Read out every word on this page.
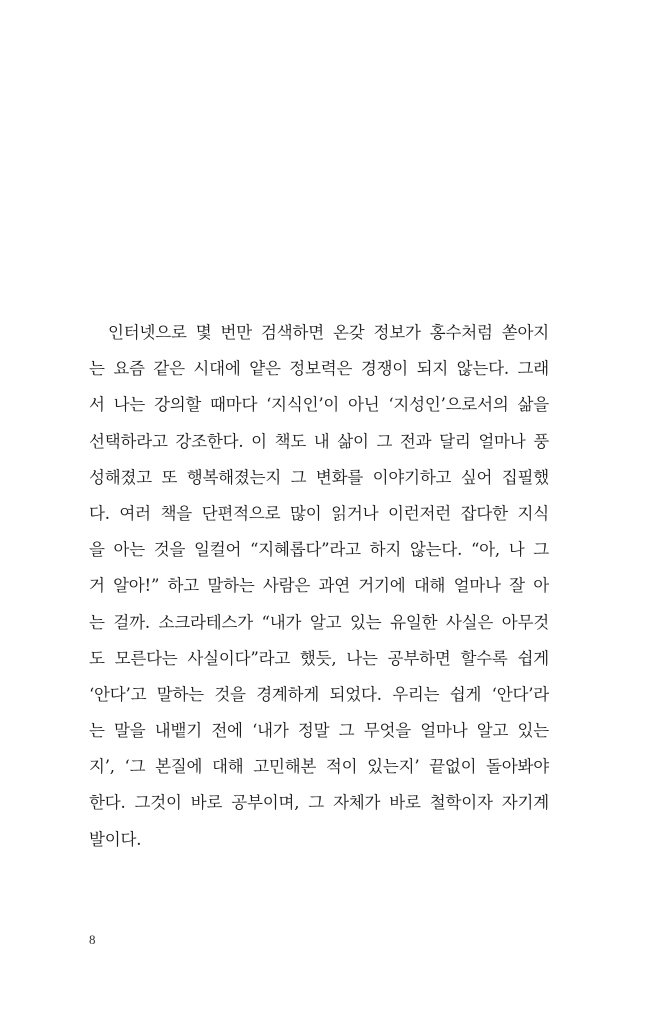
인터넷으로 몇 번만 검색하면 온갖 정보가 홍수처럼 쏟아지
는 요즘 같은 시대에 얕은 정보력은 경쟁이 되지 않는다. 그래
서 나는 강의할 때마다 ‘지식인’이 아닌 ‘지성인’으로서의 삶을
선택하라고 강조한다. 이 책도 내 삶이 그 전과 달리 얼마나 풍
성해졌고 또 행복해졌는지 그 변화를 이야기하고 싶어 집필했
다. 여러 책을 단편적으로 많이 읽거나 이런저런 잡다한 지식
을 아는 것을 일컬어 “지혜롭다”라고 하지 않는다. “아, 나 그
거 알아!” 하고 말하는 사람은 과연 거기에 대해 얼마나 잘 아
는 걸까. 소크라테스가 “내가 알고 있는 유일한 사실은 아무것
도 모른다는 사실이다”라고 했듯, 나는 공부하면 할수록 쉽게
‘안다’고 말하는 것을 경계하게 되었다. 우리는 쉽게 ‘안다’라
는 말을 내뱉기 전에 ‘내가 정말 그 무엇을 얼마나 알고 있는
지’, ‘그 본질에 대해 고민해본 적이 있는지’ 끝없이 돌아봐야
한다. 그것이 바로 공부이며, 그 자체가 바로 철학이자 자기계
발이다.
8
